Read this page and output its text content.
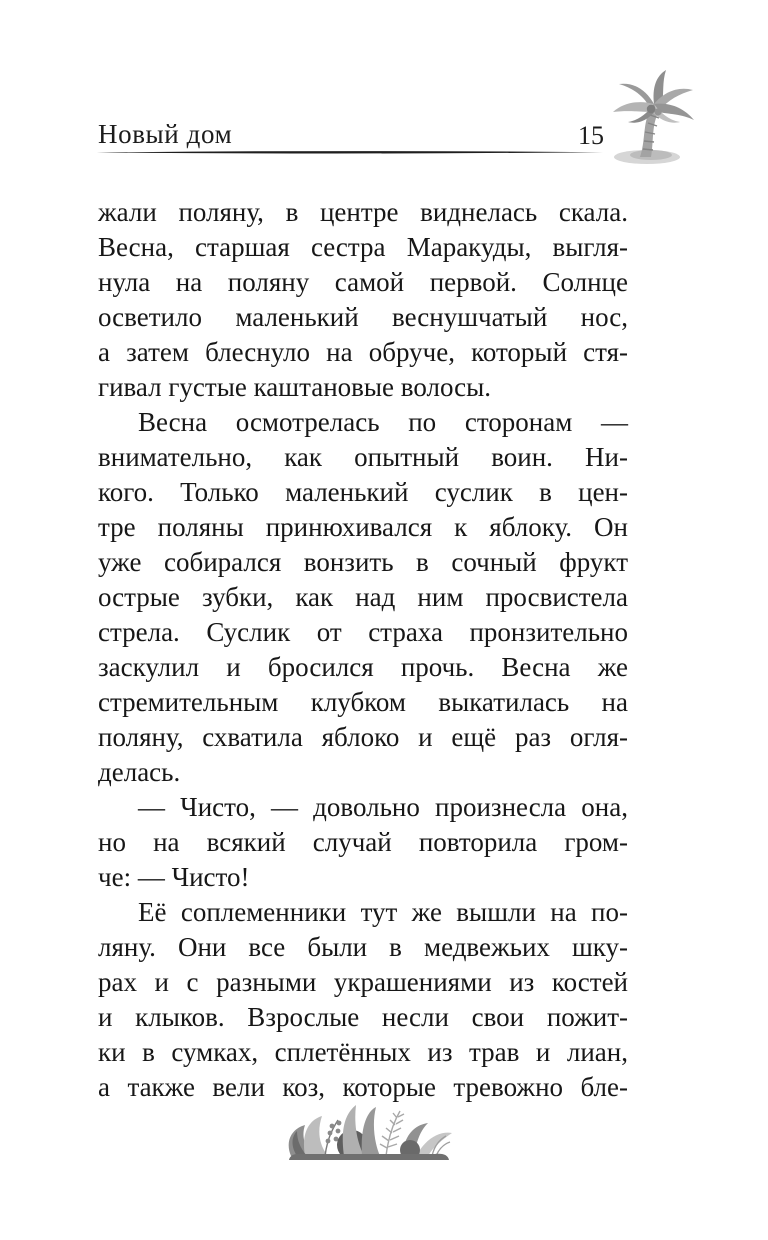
Новый дом	15
жали поляну, в центре виднелась скала.
Весна, старшая сестра Маракуды, выгля-
нула на поляну самой первой. Солнце
осветило маленький веснушчатый нос,
а затем блеснуло на обруче, который стя-
гивал густые каштановые волосы.
Весна осмотрелась по сторонам —
внимательно, как опытный воин. Ни-
кого. Только маленький суслик в цен-
тре поляны принюхивался к яблоку. Он
уже собирался вонзить в сочный фрукт
острые зубки, как над ним просвистела
стрела. Суслик от страха пронзительно
заскулил и бросился прочь. Весна же
стремительным клубком выкатилась на
поляну, схватила яблоко и ещё раз огля-
делась.
— Чисто, — довольно произнесла она,
но на всякий случай повторила гром-
че: — Чисто!
Её соплеменники тут же вышли на по-
ляну. Они все были в медвежьих шку-
рах и с разными украшениями из костей
и клыков. Взрослые несли свои пожит-
ки в сумках, сплетённых из трав и лиан,
а также вели коз, которые тревожно бле-
